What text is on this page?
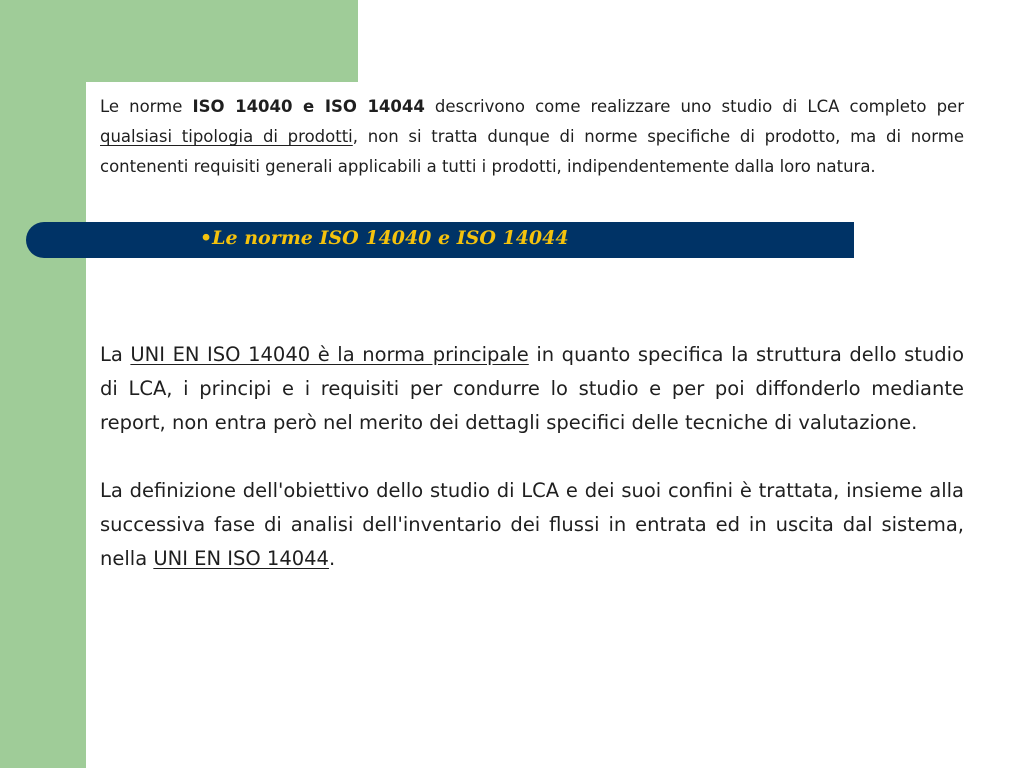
Le norme ISO 14040 e ISO 14044 descrivono come realizzare uno studio di LCA completo per qualsiasi tipologia di prodotti, non si tratta dunque di norme specifiche di prodotto, ma di norme contenenti requisiti generali applicabili a tutti i prodotti, indipendentemente dalla loro natura.
•Le norme ISO 14040 e ISO 14044

La UNI EN ISO 14040 è la norma principale in quanto specifica la struttura dello studio di LCA, i principi e i requisiti per condurre lo studio e per poi diffonderlo mediante report, non entra però nel merito dei dettagli specifici delle tecniche di valutazione.

La definizione dell'obiettivo dello studio di LCA e dei suoi confini è trattata, insieme alla successiva fase di analisi dell'inventario dei flussi in entrata ed in uscita dal sistema, nella UNI EN ISO 14044.
